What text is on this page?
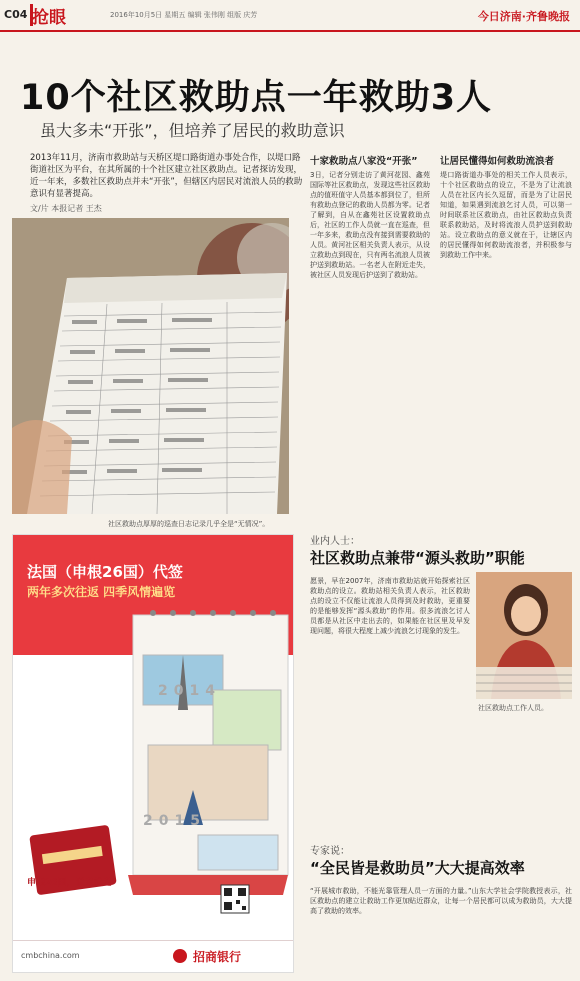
C04 抢眼	2016年10月5日 星期五 编辑 张伟刚 组版 庆芳	今日济南·齐鲁晚报
10个社区救助点一年救助3人
虽大多未“开张”，但培养了居民的救助意识
2013年11月，济南市救助站与天桥区堤口路街道办事处合作，以堤口路街道社区为平台，在其所属的十个社区建立社区救助点。记者探访发现，近一年来，多数社区救助点并未“开张”，但辖区内居民对流浪人员的救助意识有显著提高。
文/片 本报记者 王杰
社区救助点厚厚的巡查日志记录几乎全是“无情况”。
十家救助点八家没“开张”
3日，记者分别走访了黄河花园、鑫苑国际等社区救助点，发现这些社区救助点的值班值守人员基本都到位了，但所有救助点登记的救助人员都为零。记者了解到，自从在鑫苑社区设置救助点后，社区的工作人员就一直在巡查，但一年多来，救助点没有接到需要救助的人员。黄河社区相关负责人表示，从设立救助点到现在，只有两名流浪人员被护送到救助站。一名老人在附近走失，被社区人员发现后护送到了救助站。
让居民懂得如何救助流浪者
堤口路街道办事处的相关工作人员表示，十个社区救助点的设立，不是为了让流浪人员在社区内长久逗留，而是为了让居民知道，如果遇到流浪乞讨人员，可以第一时间联系社区救助点，由社区救助点负责联系救助站，及时将流浪人员护送到救助站。设立救助点的意义就在于，让辖区内的居民懂得如何救助流浪者，并积极参与到救助工作中来。
业内人士：
社区救助点兼带“源头救助”职能
愿景，早在2007年，济南市救助站就开始探索社区救助点的设立。救助站相关负责人表示，社区救助点的设立不仅能让流浪人员得到及时救助，更重要的是能够发挥“源头救助”的作用。很多流浪乞讨人员都是从社区中走出去的，如果能在社区里及早发现问题，将很大程度上减少流浪乞讨现象的发生。
社区救助点工作人员。
专家说：
“全民皆是救助员”大大提高效率
“开展城市救助，不能光靠管理人员一方面的力量。”山东大学社会学院教授表示，社区救助点的建立让救助工作更加贴近群众，让每一个居民都可以成为救助员，大大提高了救助的效率。
法国（申根26国）代签
两年多次往返 四季风情遍览
2014
2015
申根26国，说走就走
cmbchina.com	招商银行
